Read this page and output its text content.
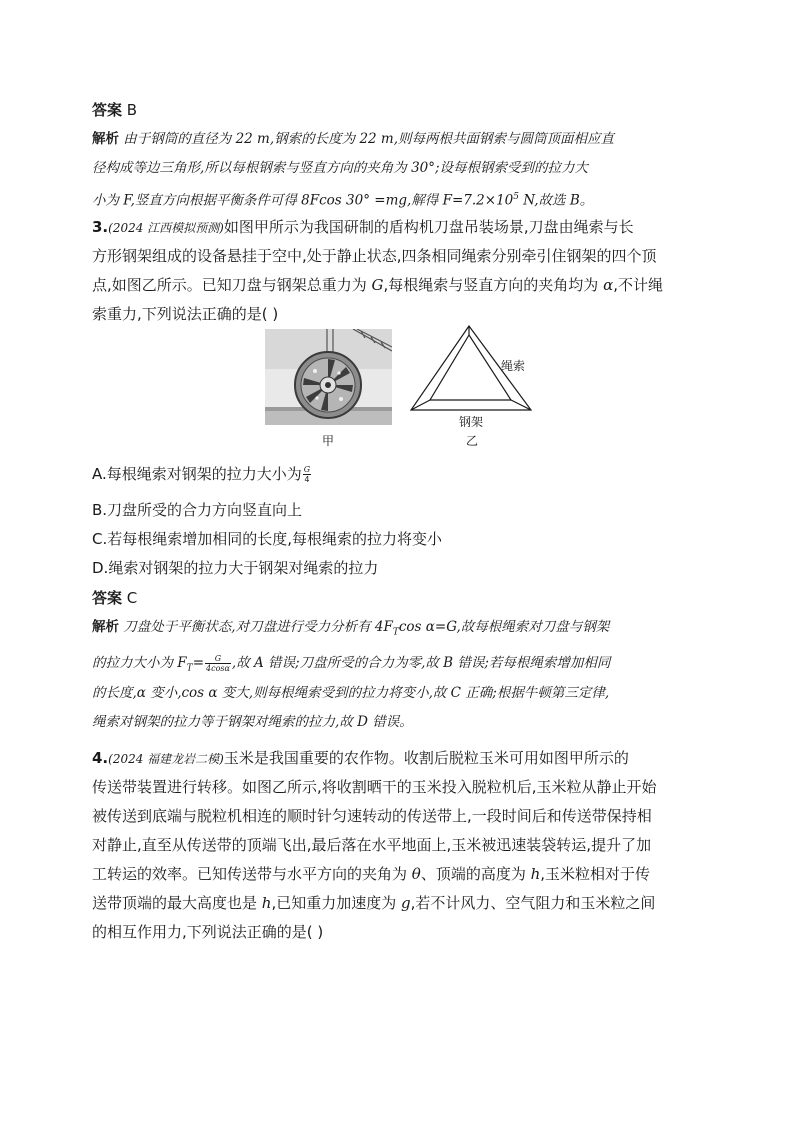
答案 B
解析 由于钢筒的直径为 22 m,钢索的长度为 22 m,则每两根共面钢索与圆筒顶面相应直
径构成等边三角形,所以每根钢索与竖直方向的夹角为 30°;设每根钢索受到的拉力大
小为 F,竖直方向根据平衡条件可得 8Fcos 30° =mg,解得 $F=7.2\times 10^5$ N,故选 B。
3.(2024 江西模拟预测)如图甲所示为我国研制的盾构机刀盘吊装场景,刀盘由绳索与长
方形钢架组成的设备悬挂于空中,处于静止状态,四条相同绳索分别牵引住钢架的四个顶
点,如图乙所示。已知刀盘与钢架总重力为 G,每根绳索与竖直方向的夹角均为 α,不计绳
索重力,下列说法正确的是( )
甲
绳索
钢架
乙
A.每根绳索对钢架的拉力大小为 $\frac{G}{4}$
B.刀盘所受的合力方向竖直向上
C.若每根绳索增加相同的长度,每根绳索的拉力将变小
D.绳索对钢架的拉力大于钢架对绳索的拉力
答案 C
解析 刀盘处于平衡状态,对刀盘进行受力分析有 $4F_T\cos$ α=G,故每根绳索对刀盘与钢架
的拉力大小为 $F_T= \frac{G}{4\cos\alpha}$ ,故 A 错误;刀盘所受的合力为零,故 B 错误;若每根绳索增加相同
的长度,α 变小,cos α 变大,则每根绳索受到的拉力将变小,故 C 正确;根据牛顿第三定律,
绳索对钢架的拉力等于钢架对绳索的拉力,故 D 错误。
4.(2024 福建龙岩二模)玉米是我国重要的农作物。收割后脱粒玉米可用如图甲所示的
传送带装置进行转移。如图乙所示,将收割晒干的玉米投入脱粒机后,玉米粒从静止开始
被传送到底端与脱粒机相连的顺时针匀速转动的传送带上,一段时间后和传送带保持相
对静止,直至从传送带的顶端飞出,最后落在水平地面上,玉米被迅速装袋转运,提升了加
工转运的效率。已知传送带与水平方向的夹角为 θ、顶端的高度为 h,玉米粒相对于传
送带顶端的最大高度也是 h,已知重力加速度为 g,若不计风力、空气阻力和玉米粒之间
的相互作用力,下列说法正确的是( )
